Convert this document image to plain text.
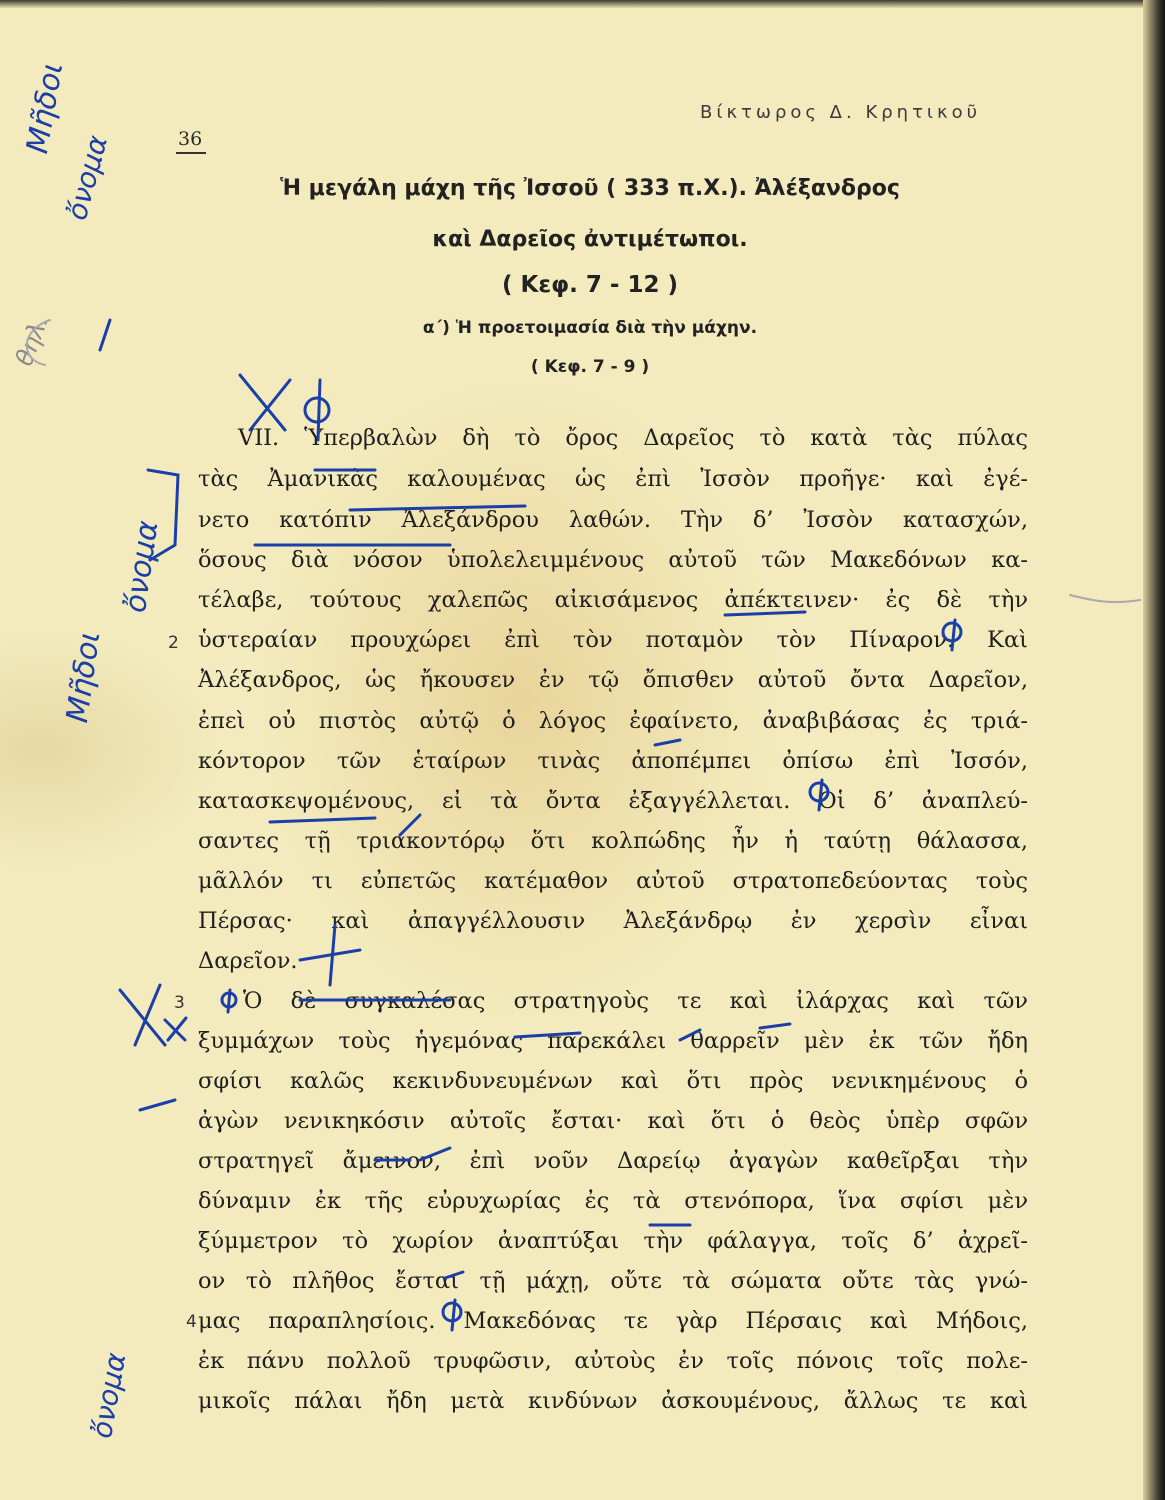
36
Βίκτωρος Δ. Κρητικοῦ
Ἡ μεγάλη μάχη τῆς Ἰσσοῦ ( 333 π.Χ.). Ἀλέξανδρος
καὶ Δαρεῖος ἀντιμέτωποι.
( Κεφ. 7 - 12 )
α΄) Ἡ προετοιμασία διὰ τὴν μάχην.
( Κεφ. 7 - 9 )
VII. Ὑπερβαλὼν δὴ τὸ ὄρος Δαρεῖος τὸ κατὰ τὰς πύλας
τὰς Ἀμανικὰς καλουμένας ὡς ἐπὶ Ἰσσὸν προῆγε· καὶ ἐγέ-
νετο κατόπιν Ἀλεξάνδρου λαθών. Τὴν δ’ Ἰσσὸν κατασχών,
ὅσους διὰ νόσον ὑπολελειμμένους αὐτοῦ τῶν Μακεδόνων κα-
τέλαβε, τούτους χαλεπῶς αἰκισάμενος ἀπέκτεινεν· ἐς δὲ τὴν
ὑστεραίαν προυχώρει ἐπὶ τὸν ποταμὸν τὸν Πίναρον. Καὶ
Ἀλέξανδρος, ὡς ἤκουσεν ἐν τῷ ὄπισθεν αὐτοῦ ὄντα Δαρεῖον,
ἐπεὶ οὐ πιστὸς αὐτῷ ὁ λόγος ἐφαίνετο, ἀναβιβάσας ἐς τριά-
κόντορον τῶν ἑταίρων τινὰς ἀποπέμπει ὀπίσω ἐπὶ Ἰσσόν,
κατασκεψομένους, εἰ τὰ ὄντα ἐξαγγέλλεται. Οἱ δ’ ἀναπλεύ-
σαντες τῇ τριακοντόρῳ ὅτι κολπώδης ἦν ἡ ταύτῃ θάλασσα,
μᾶλλόν τι εὐπετῶς κατέμαθον αὐτοῦ στρατοπεδεύοντας τοὺς
Πέρσας· καὶ ἀπαγγέλλουσιν Ἀλεξάνδρῳ ἐν χερσὶν εἶναι
Δαρεῖον.
Ὁ δὲ συγκαλέσας στρατηγοὺς τε καὶ ἰλάρχας καὶ τῶν
ξυμμάχων τοὺς ἡγεμόνας παρεκάλει θαρρεῖν μὲν ἐκ τῶν ἤδη
σφίσι καλῶς κεκινδυνευμένων καὶ ὅτι πρὸς νενικημένους ὁ
ἀγὼν νενικηκόσιν αὐτοῖς ἔσται· καὶ ὅτι ὁ θεὸς ὑπὲρ σφῶν
στρατηγεῖ ἄμεινον, ἐπὶ νοῦν Δαρείῳ ἀγαγὼν καθεῖρξαι τὴν
δύναμιν ἐκ τῆς εὐρυχωρίας ἐς τὰ στενόπορα, ἵνα σφίσι μὲν
ξύμμετρον τὸ χωρίον ἀναπτύξαι τὴν φάλαγγα, τοῖς δ’ ἀχρεῖ-
ον τὸ πλῆθος ἔσται τῇ μάχῃ, οὔτε τὰ σώματα οὔτε τὰς γνώ-
μας παραπλησίοις. Μακεδόνας τε γὰρ Πέρσαις καὶ Μήδοις,
ἐκ πάνυ πολλοῦ τρυφῶσιν, αὐτοὺς ἐν τοῖς πόνοις τοῖς πολε-
μικοῖς πάλαι ἤδη μετὰ κινδύνων ἀσκουμένους, ἄλλως τε καὶ
2
3
4
Μῆδοι
ὄνομα
Μῆδοι
ὄνομα
ὄνομα
θηλ.
